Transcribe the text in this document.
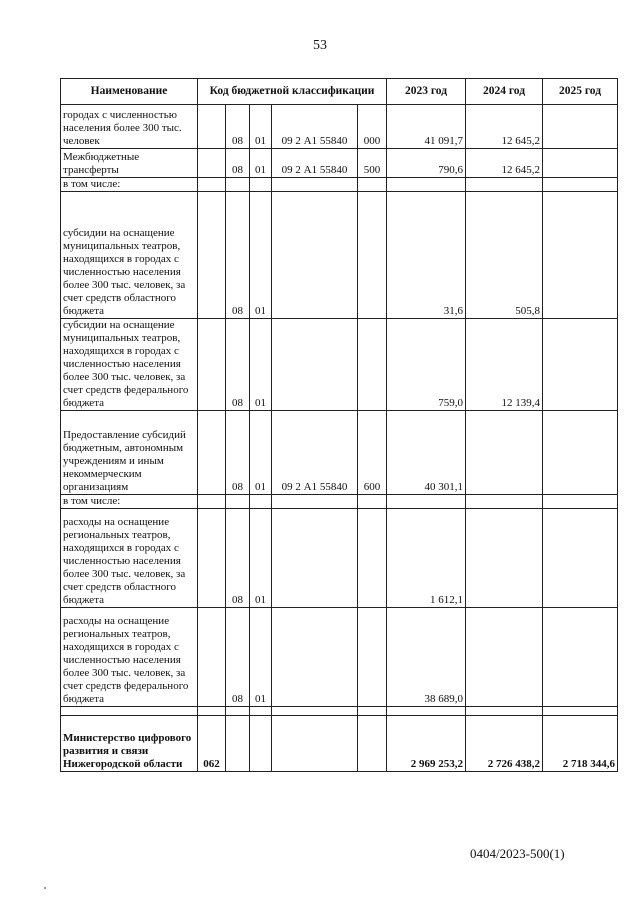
53
Наименование	Код бюджетной классификации					2023 год	2024 год	2025 год
городах с численностью населения более 300 тыс. человек		08	01	09 2 А1 55840	000	41 091,7	12 645,2	
Межбюджетные трансферты		08	01	09 2 А1 55840	500	790,6	12 645,2	
в том числе:								
субсидии на оснащение муниципальных театров, находящихся в городах с численностью населения более 300 тыс. человек, за счет средств областного бюджета		08	01			31,6	505,8	
субсидии на оснащение муниципальных театров, находящихся в городах с численностью населения более 300 тыс. человек, за счет средств федерального бюджета		08	01			759,0	12 139,4	
Предоставление субсидий бюджетным, автономным учреждениям и иным некоммерческим организациям		08	01	09 2 А1 55840	600	40 301,1		
в том числе:								
расходы на оснащение региональных театров, находящихся в городах с численностью населения более 300 тыс. человек, за счет средств областного бюджета		08	01			1 612,1		
расходы на оснащение региональных театров, находящихся в городах с численностью населения более 300 тыс. человек, за счет средств федерального бюджета		08	01			38 689,0		

Министерство цифрового развития и связи Нижегородской области	062					2 969 253,2	2 726 438,2	2 718 344,6
0404/2023-500(1)
